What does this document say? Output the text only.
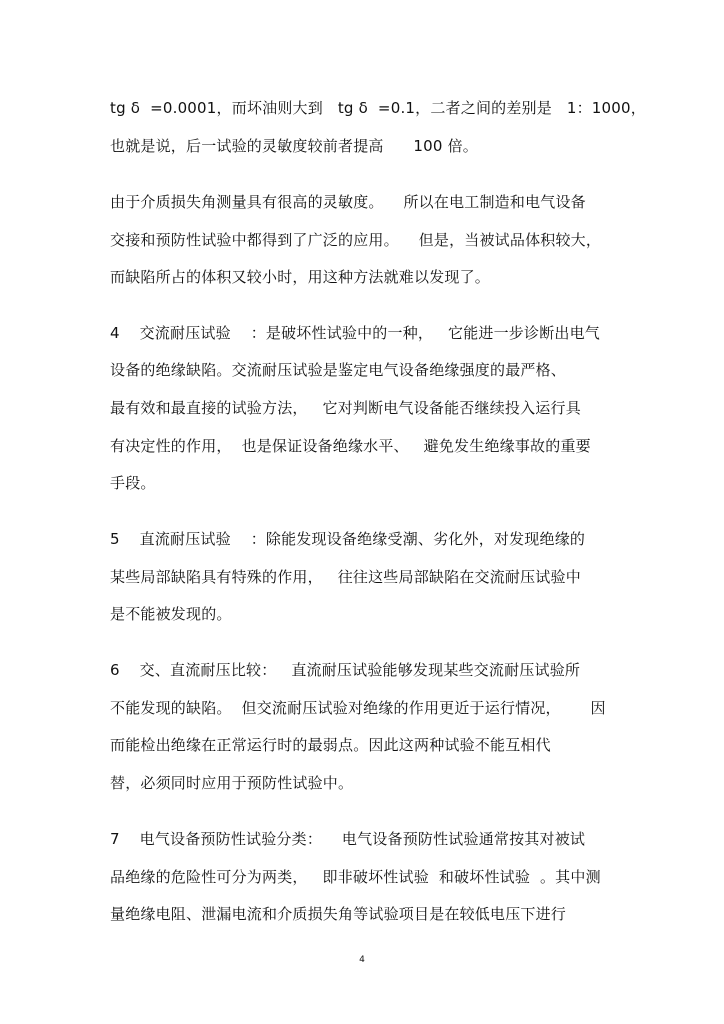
tg δ  =0.0001，而坏油则大到   tg δ  =0.1，二者之间的差别是   1：1000，
也就是说，后一试验的灵敏度较前者提高      100 倍。
由于介质损失角测量具有很高的灵敏度。    所以在电工制造和电气设备
交接和预防性试验中都得到了广泛的应用。    但是，当被试品体积较大，
而缺陷所占的体积又较小时，用这种方法就难以发现了。
4    交流耐压试验    ：是破坏性试验中的一种，   它能进一步诊断出电气
设备的绝缘缺陷。交流耐压试验是鉴定电气设备绝缘强度的最严格、
最有效和最直接的试验方法，   它对判断电气设备能否继续投入运行具
有决定性的作用，  也是保证设备绝缘水平、   避免发生绝缘事故的重要
手段。
5    直流耐压试验    ：除能发现设备绝缘受潮、劣化外，对发现绝缘的
某些局部缺陷具有特殊的作用，   往往这些局部缺陷在交流耐压试验中
是不能被发现的。
6    交、直流耐压比较：   直流耐压试验能够发现某些交流耐压试验所
不能发现的缺陷。  但交流耐压试验对绝缘的作用更近于运行情况，      因
而能检出绝缘在正常运行时的最弱点。因此这两种试验不能互相代
替，必须同时应用于预防性试验中。
7    电气设备预防性试验分类：    电气设备预防性试验通常按其对被试
品绝缘的危险性可分为两类，   即非破坏性试验  和破坏性试验  。其中测
量绝缘电阻、泄漏电流和介质损失角等试验项目是在较低电压下进行
4
